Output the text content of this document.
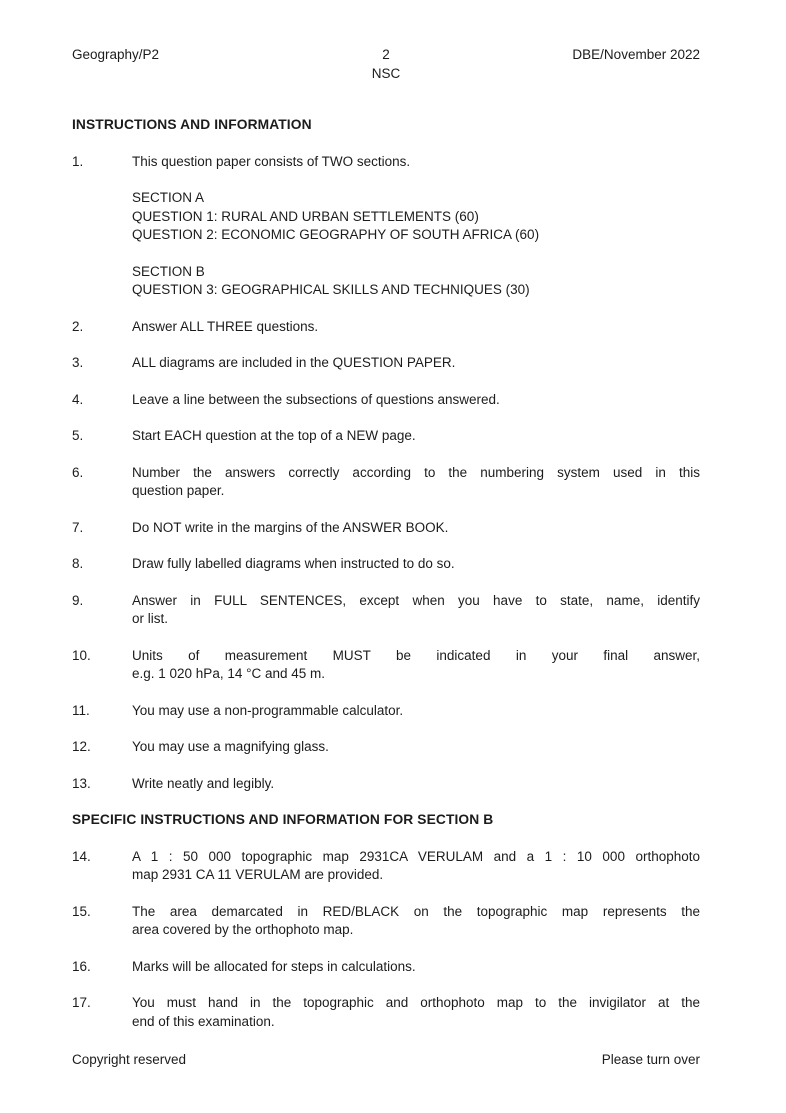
Geography/P2	2
NSC
DBE/November 2022

INSTRUCTIONS AND INFORMATION

1.	This question paper consists of TWO sections.
SECTION A
QUESTION 1: RURAL AND URBAN SETTLEMENTS (60)
QUESTION 2: ECONOMIC GEOGRAPHY OF SOUTH AFRICA (60)
SECTION B
QUESTION 3: GEOGRAPHICAL SKILLS AND TECHNIQUES (30)
2.	Answer ALL THREE questions.
3.	ALL diagrams are included in the QUESTION PAPER.
4.	Leave a line between the subsections of questions answered.
5.	Start EACH question at the top of a NEW page.
6.	Number the answers correctly according to the numbering system used in this
question paper.
7.	Do NOT write in the margins of the ANSWER BOOK.
8.	Draw fully labelled diagrams when instructed to do so.
9.	Answer in FULL SENTENCES, except when you have to state, name, identify
or list.
10.	Units of measurement MUST be indicated in your final answer,
e.g. 1 020 hPa, 14 °C and 45 m.
11.	You may use a non-programmable calculator.
12.	You may use a magnifying glass.
13.	Write neatly and legibly.

SPECIFIC INSTRUCTIONS AND INFORMATION FOR SECTION B

14.	A 1 : 50 000 topographic map 2931CA VERULAM and a 1 : 10 000 orthophoto
map 2931 CA 11 VERULAM are provided.
15.	The area demarcated in RED/BLACK on the topographic map represents the
area covered by the orthophoto map.
16.	Marks will be allocated for steps in calculations.
17.	You must hand in the topographic and orthophoto map to the invigilator at the
end of this examination.
Copyright reserved	Please turn over
